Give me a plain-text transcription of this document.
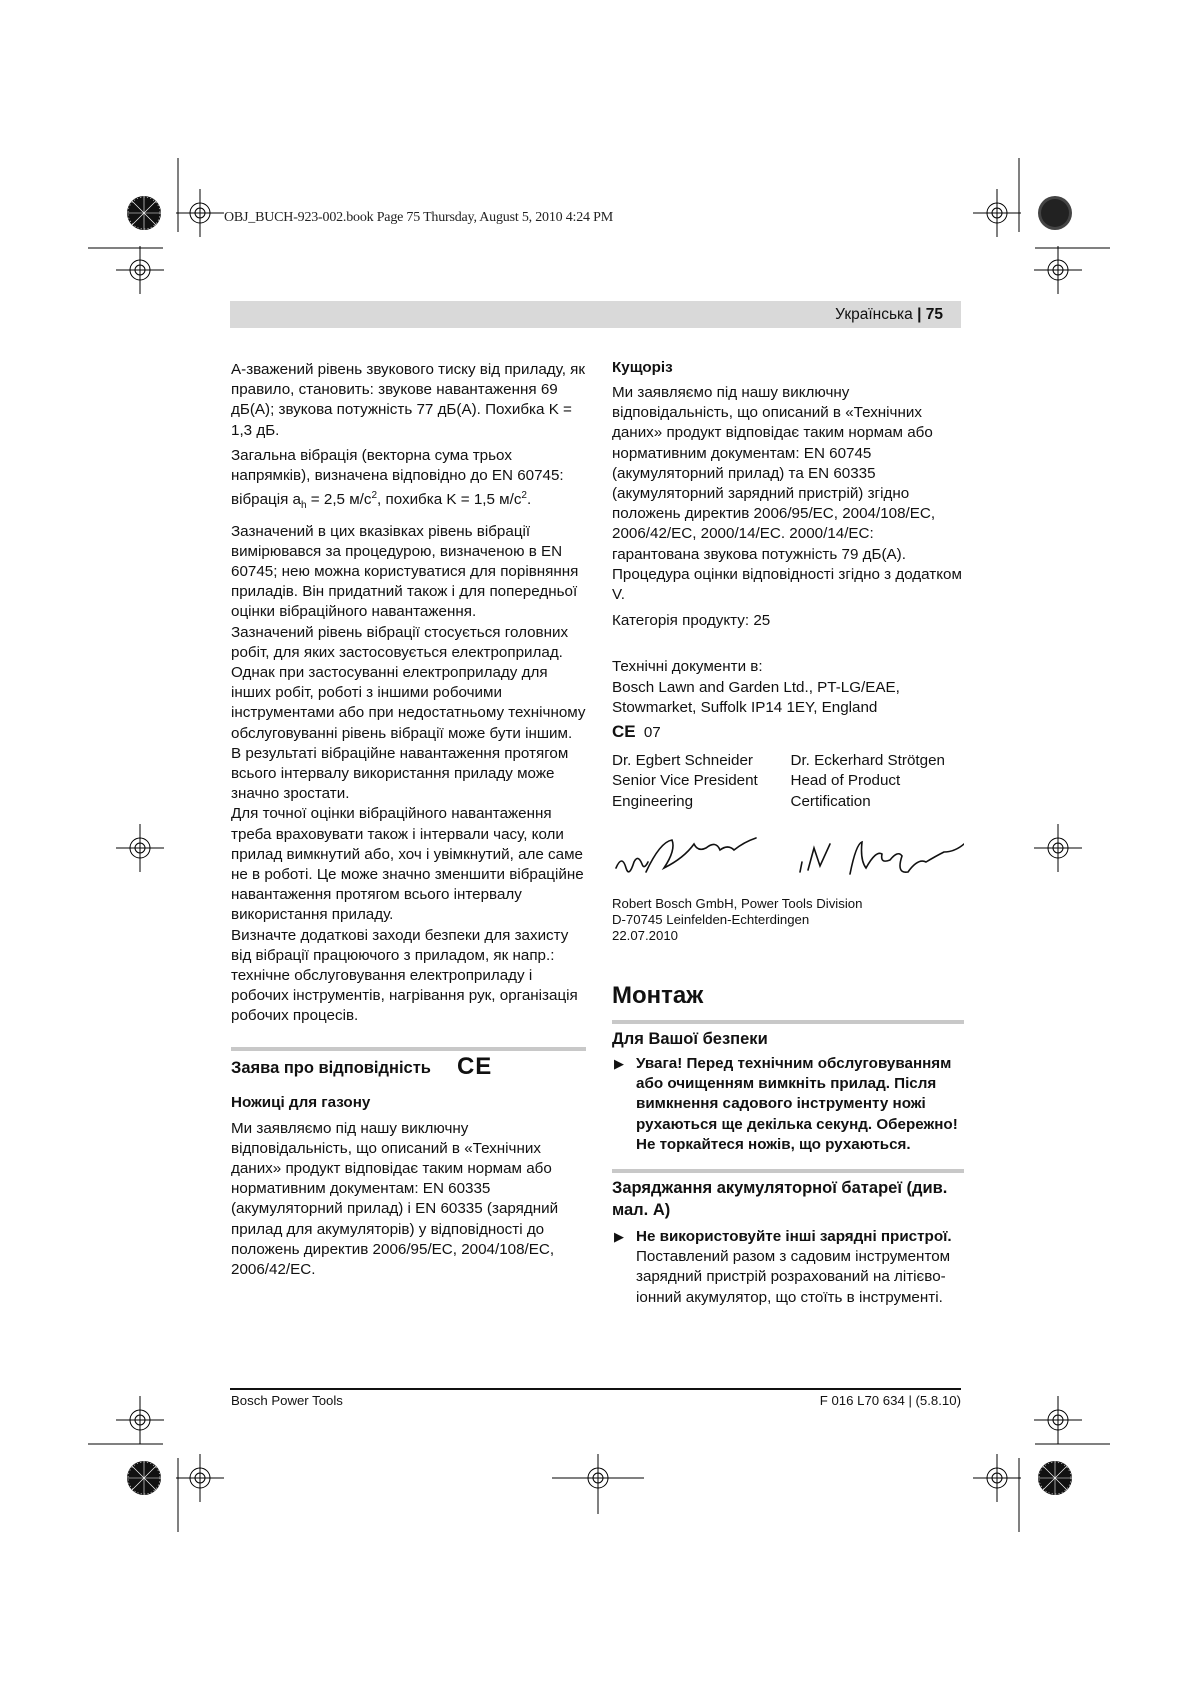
OBJ_BUCH-923-002.book Page 75 Thursday, August 5, 2010 4:24 PM
Українська | 75

A-зважений рівень звукового тиску від приладу, як правило, становить: звукове навантаження 69 дБ(A); звукова потужність 77 дБ(A). Похибка K = 1,3 дБ.

Загальна вібрація (векторна сума трьох напрямків), визначена відповідно до EN 60745: вібрація $a_h = 2,5$ $м/с^2$, похибка K = 1,5 $м/с^2$.

Зазначений в цих вказівках рівень вібрації вимірювався за процедурою, визначеною в EN 60745; нею можна користуватися для порівняння приладів. Він придатний також і для попередньої оцінки вібраційного навантаження.

Зазначений рівень вібрації стосується головних робіт, для яких застосовується електроприлад. Однак при застосуванні електроприладу для інших робіт, роботі з іншими робочими інструментами або при недостатньому технічному обслуговуванні рівень вібрації може бути іншим. В результаті вібраційне навантаження протягом всього інтервалу використання приладу може значно зростати.

Для точної оцінки вібраційного навантаження треба враховувати також і інтервали часу, коли прилад вимкнутий або, хоч і увімкнутий, але саме не в роботі. Це може значно зменшити вібраційне навантаження протягом всього інтервалу використання приладу.

Визначте додаткові заходи безпеки для захисту від вібрації працюючого з приладом, як напр.: технічне обслуговування електроприладу і робочих інструментів, нагрівання рук, організація робочих процесів.

Заява про відповідність CE
Ножиці для газону

Ми заявляємо під нашу виключну відповідальність, що описаний в «Технічних даних» продукт відповідає таким нормам або нормативним документам: EN 60335 (акумуляторний прилад) і EN 60335 (зарядний прилад для акумуляторів) у відповідності до положень директив 2006/95/EC, 2004/108/EC, 2006/42/EC.

Кущоріз

Ми заявляємо під нашу виключну відповідальність, що описаний в «Технічних даних» продукт відповідає таким нормам або нормативним документам: EN 60745 (акумуляторний прилад) та EN 60335 (акумуляторний зарядний пристрій) згідно положень директив 2006/95/EC, 2004/108/EC, 2006/42/EC, 2000/14/EC. 2000/14/EC: гарантована звукова потужність 79 дБ(A). Процедура оцінки відповідності згідно з додатком V.

Категорія продукту: 25

Технічні документи в:

Bosch Lawn and Garden Ltd., PT-LG/EAE, Stowmarket, Suffolk IP14 1EY, England

CE 07
Dr. Egbert Schneider
Senior Vice President
Engineering
Dr. Eckerhard Strötgen
Head of Product
Certification
Robert Bosch GmbH, Power Tools Division
D-70745 Leinfelden-Echterdingen
22.07.2010
Монтаж
Для Вашої безпеки
▶ Увага! Перед технічним обслуговуванням або очищенням вимкніть прилад. Після вимкнення садового інструменту ножі рухаються ще декілька секунд. Обережно! Не торкайтеся ножів, що рухаються.
Заряджання акумуляторної батареї (див. мал. A)
▶ Не використовуйте інші зарядні пристрої. Поставлений разом з садовим інструментом зарядний пристрій розрахований на літієво-іонний акумулятор, що стоїть в інструменті.
Bosch Power Tools	F 016 L70 634 | (5.8.10)
